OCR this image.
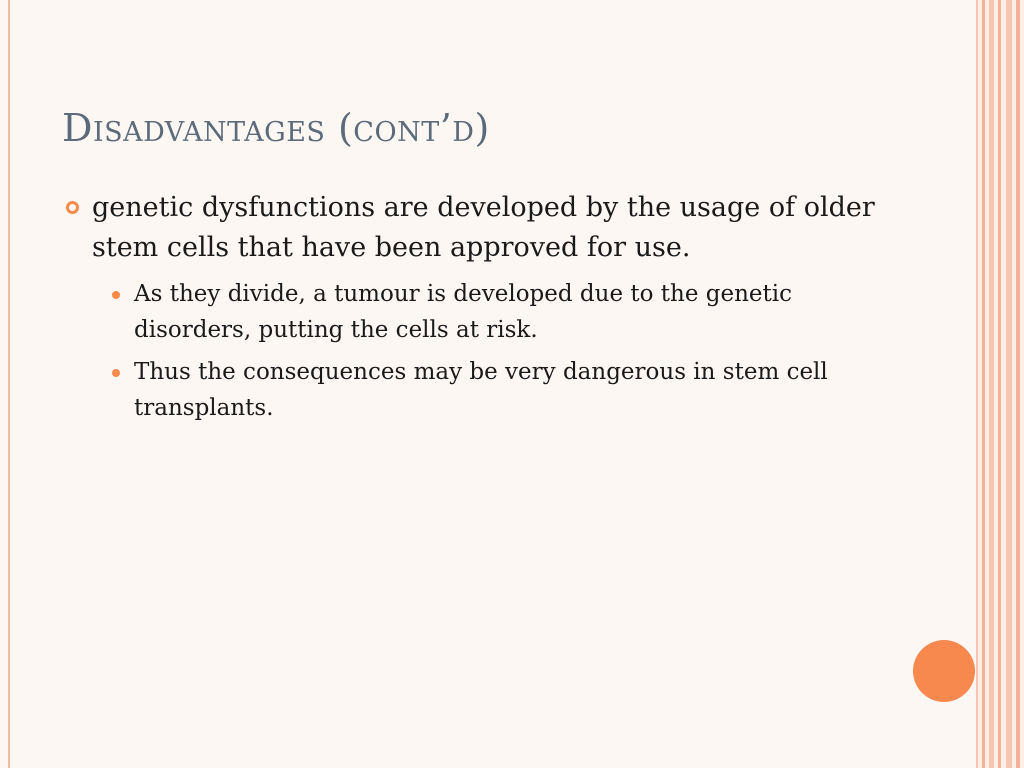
Disadvantages (cont’d)
genetic dysfunctions are developed by the usage of older stem cells that have been approved for use.
As they divide, a tumour is developed due to the genetic disorders, putting the cells at risk.
Thus the consequences may be very dangerous in stem cell transplants.
